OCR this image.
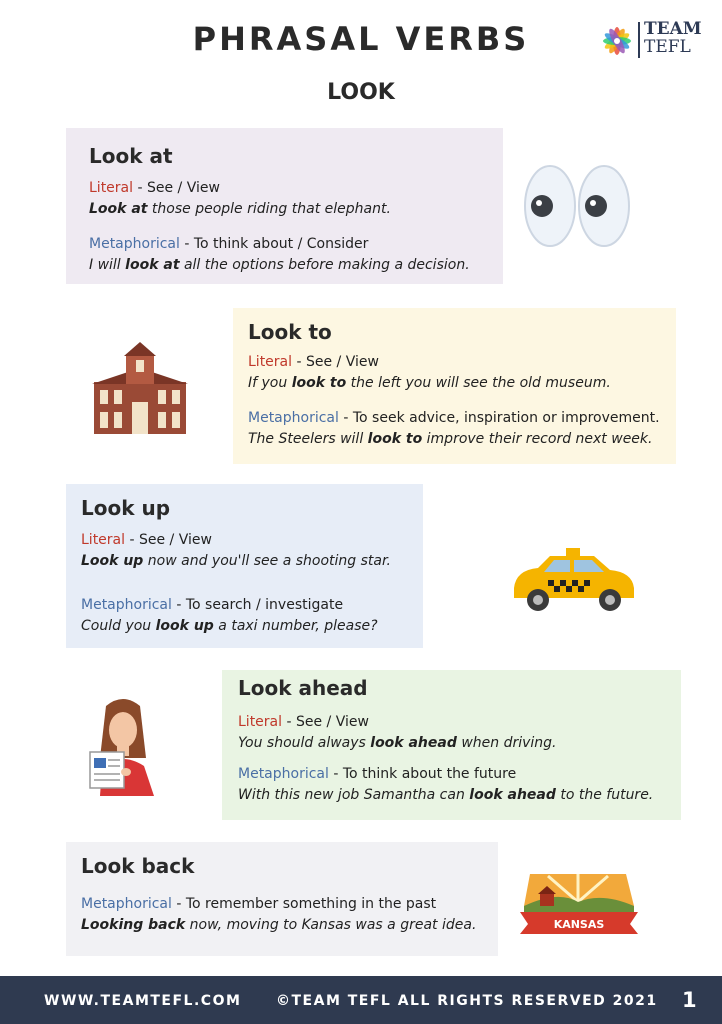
PHRASAL VERBS
LOOK
TEAM
TEFL
Look at
Literal - See / View
Look at those people riding that elephant.
Metaphorical - To think about / Consider
I will look at all the options before making a decision.
Look to
Literal - See / View
If you look to the left you will see the old museum.
Metaphorical - To seek advice, inspiration or improvement.
The Steelers will look to improve their record next week.
Look up
Literal - See / View
Look up now and you'll see a shooting star.
Metaphorical - To search / investigate
Could you look up a taxi number, please?
Look ahead
Literal - See / View
You should always look ahead when driving.
Metaphorical - To think about the future
With this new job Samantha can look ahead to the future.
Look back
Metaphorical - To remember something in the past
Looking back now, moving to Kansas was a great idea.	KANSAS
WWW.TEAMTEFL.COM ©TEAM TEFL ALL RIGHTS RESERVED 2021 1
